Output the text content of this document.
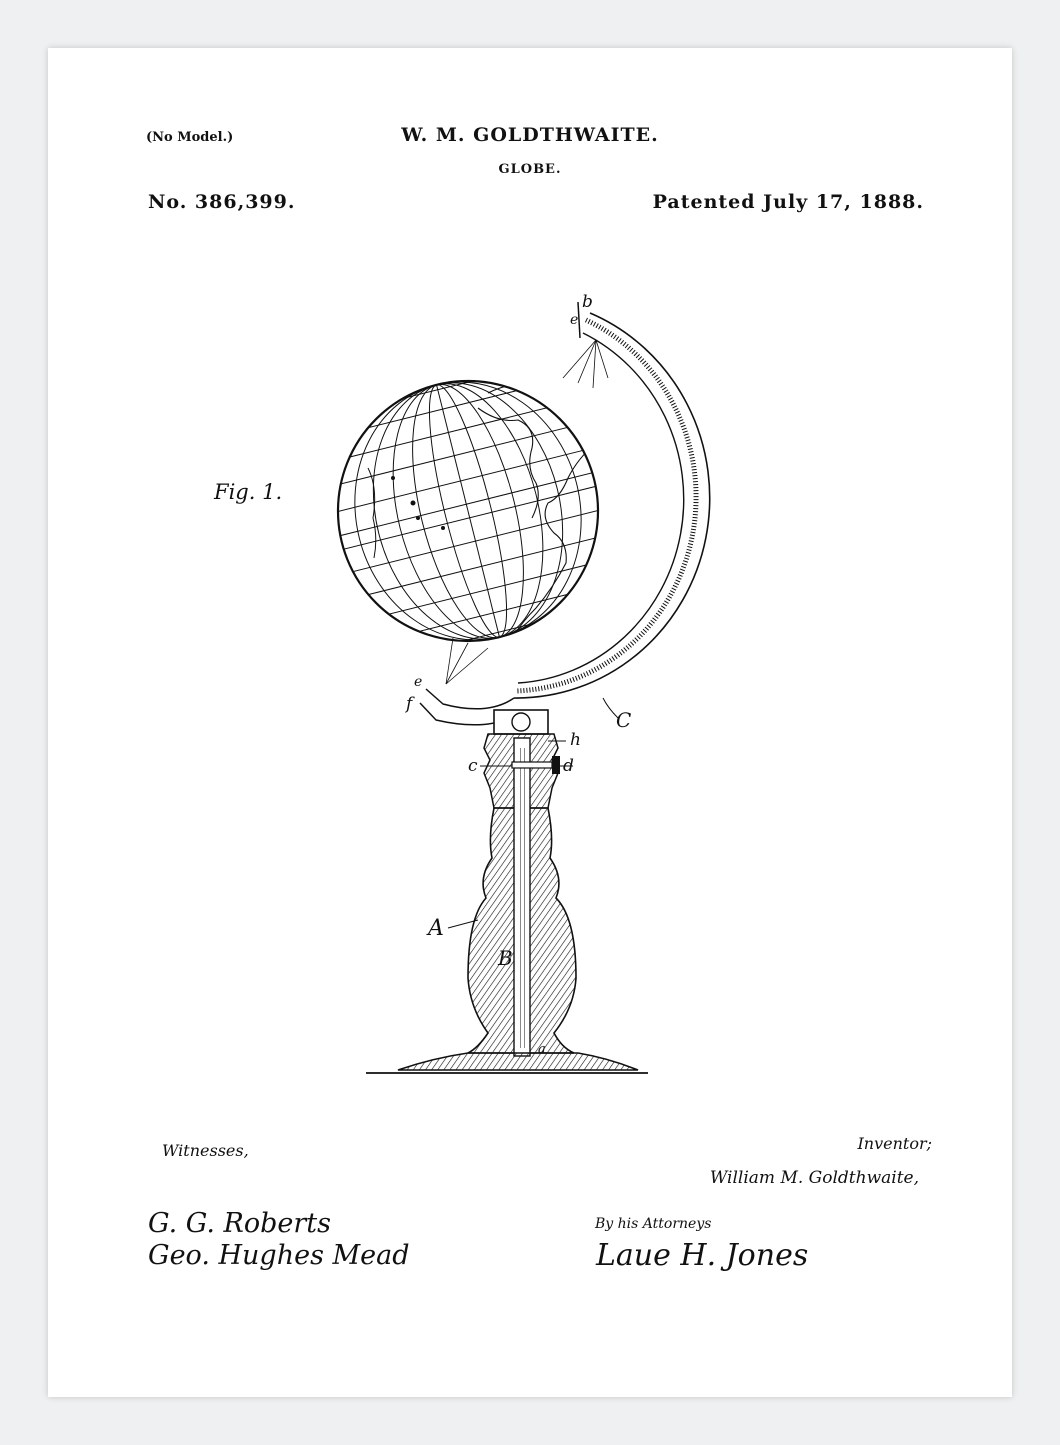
(No Model.)	W. M. GOLDTHWAITE.
GLOBE.
No. 386,399.	Patented July 17, 1888.
Fig. 1.
b
e
e
f
C
h
c	d
A
B
a
Witnesses,
G. G. Roberts
Geo. Hughes Mead
Inventor;
William M. Goldthwaite,
By his Attorneys
Laue H. Jones
